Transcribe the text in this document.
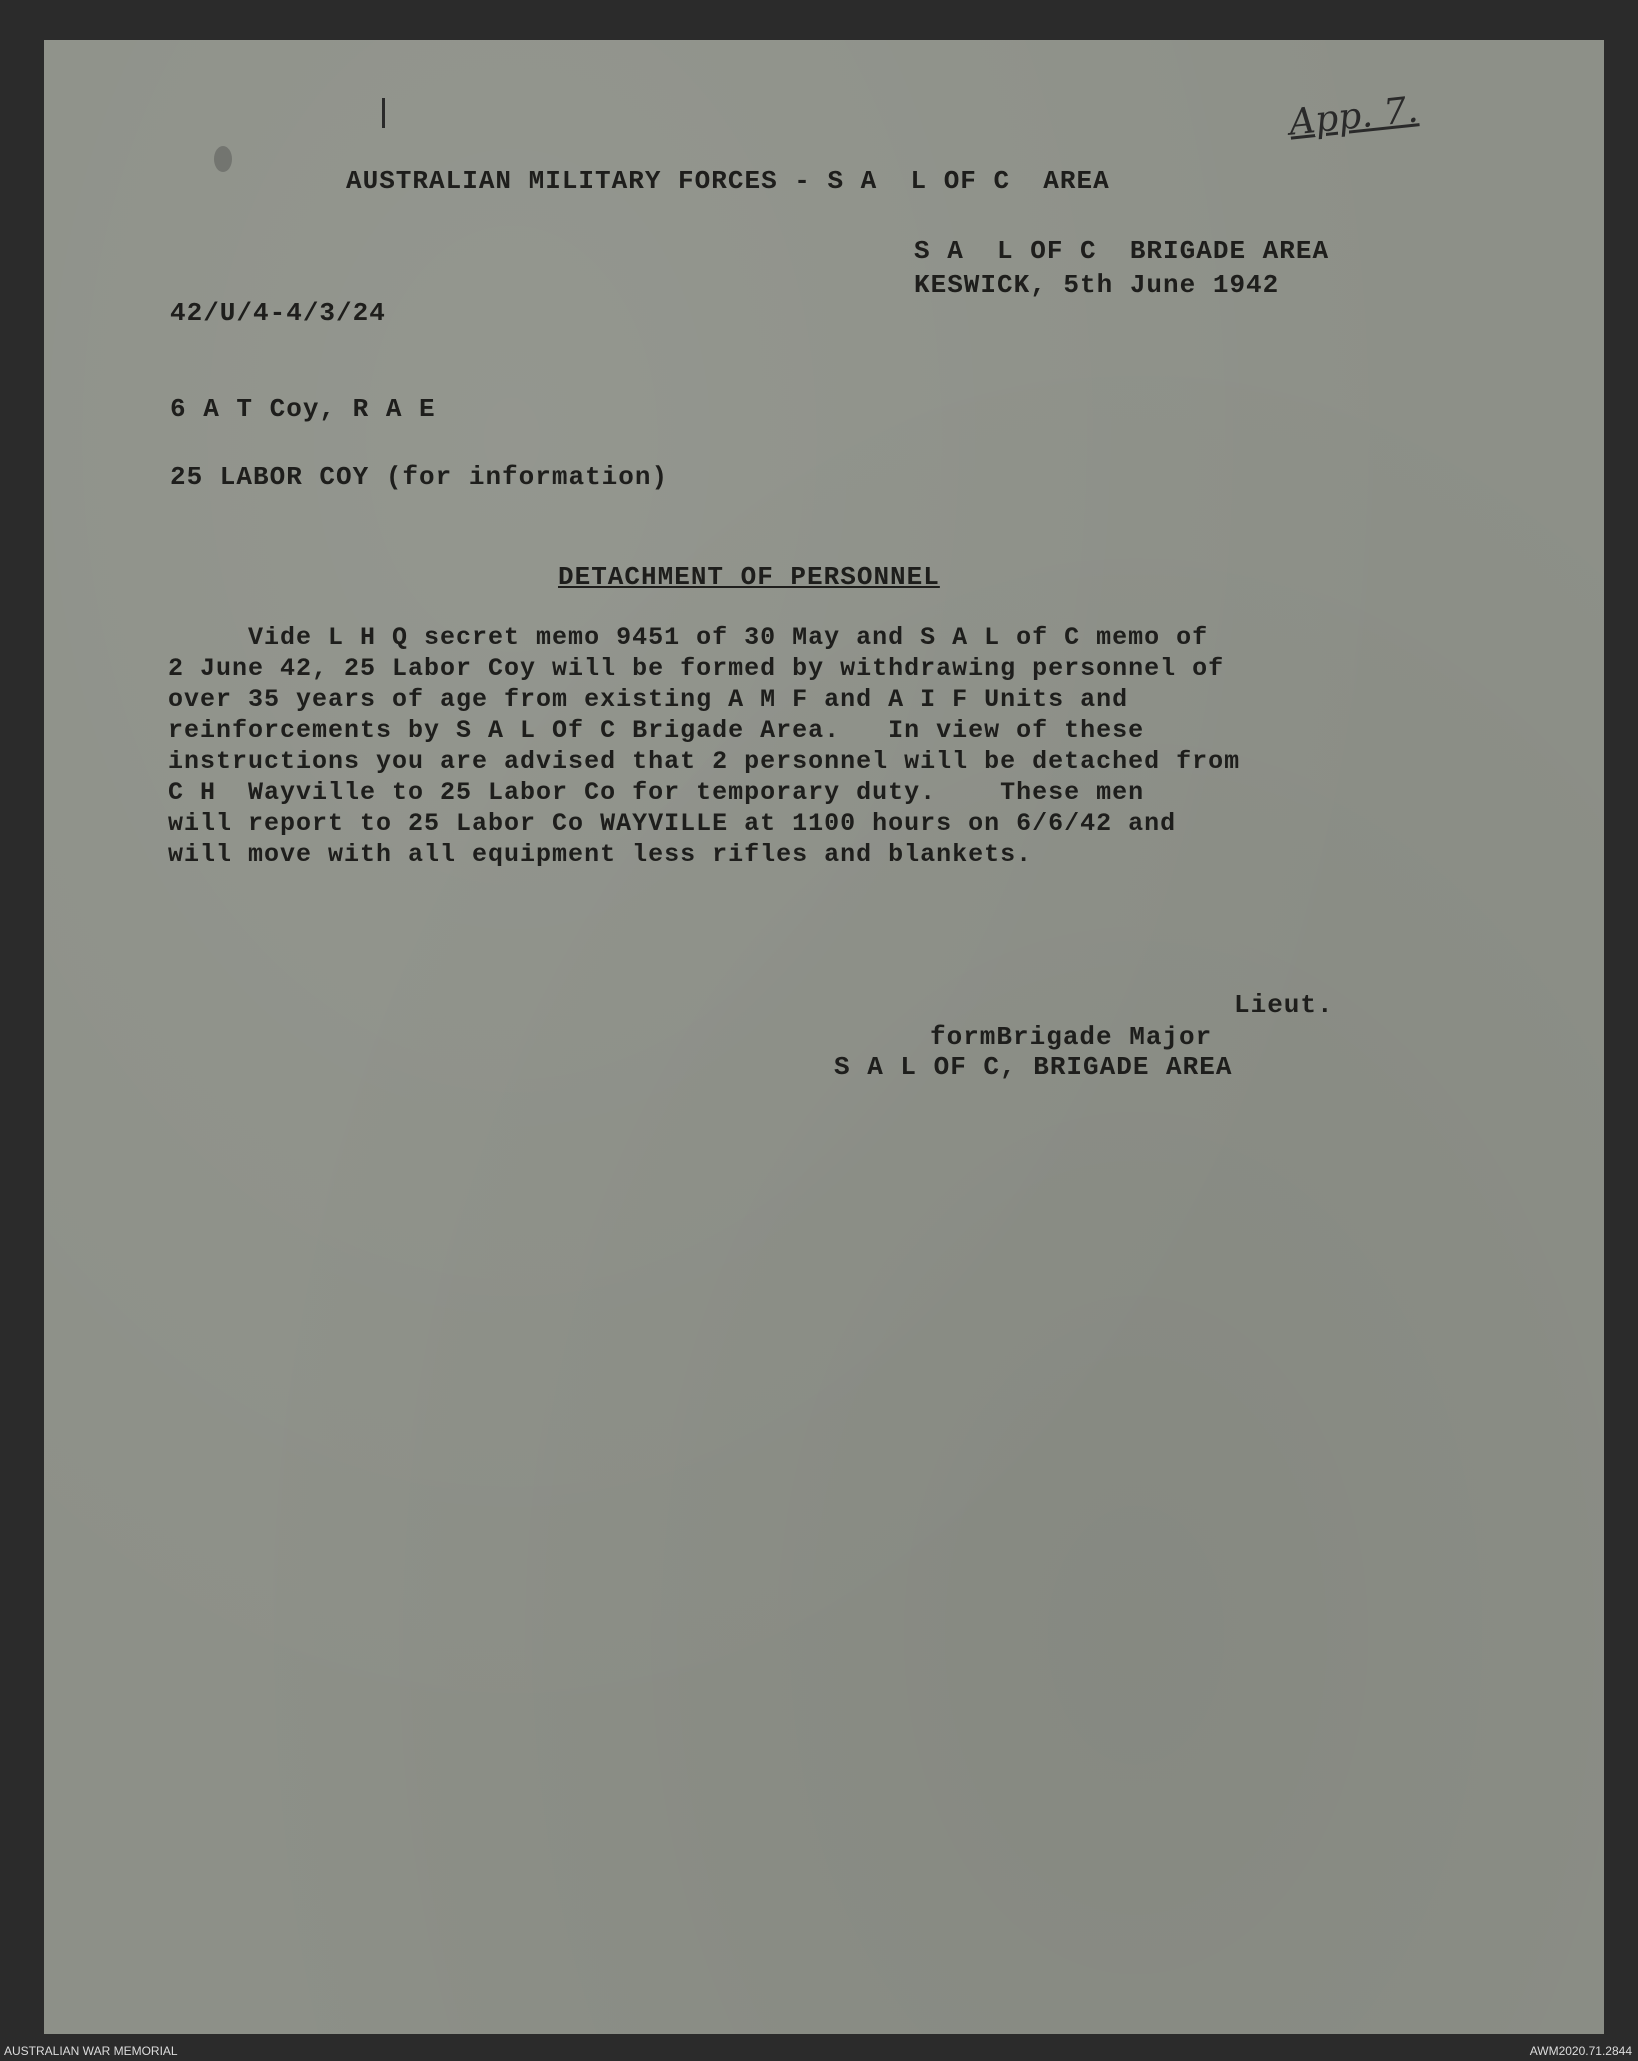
App. 7.
AUSTRALIAN MILITARY FORCES - S A  L OF C  AREA
S A  L OF C  BRIGADE AREA
KESWICK, 5th June 1942
42/U/4-4/3/24
6 A T Coy, R A E
25 LABOR COY (for information)
DETACHMENT OF PERSONNEL
Vide L H Q secret memo 9451 of 30 May and S A L of C memo of
2 June 42, 25 Labor Coy will be formed by withdrawing personnel of
over 35 years of age from existing A M F and A I F Units and
reinforcements by S A L Of C Brigade Area.   In view of these
instructions you are advised that 2 personnel will be detached from
C H  Wayville to 25 Labor Co for temporary duty.    These men
will report to 25 Labor Co WAYVILLE at 1100 hours on 6/6/42 and
will move with all equipment less rifles and blankets.
Lieut.
formBrigade Major
S A L OF C, BRIGADE AREA
AUSTRALIAN WAR MEMORIAL	AWM2020.71.2844
